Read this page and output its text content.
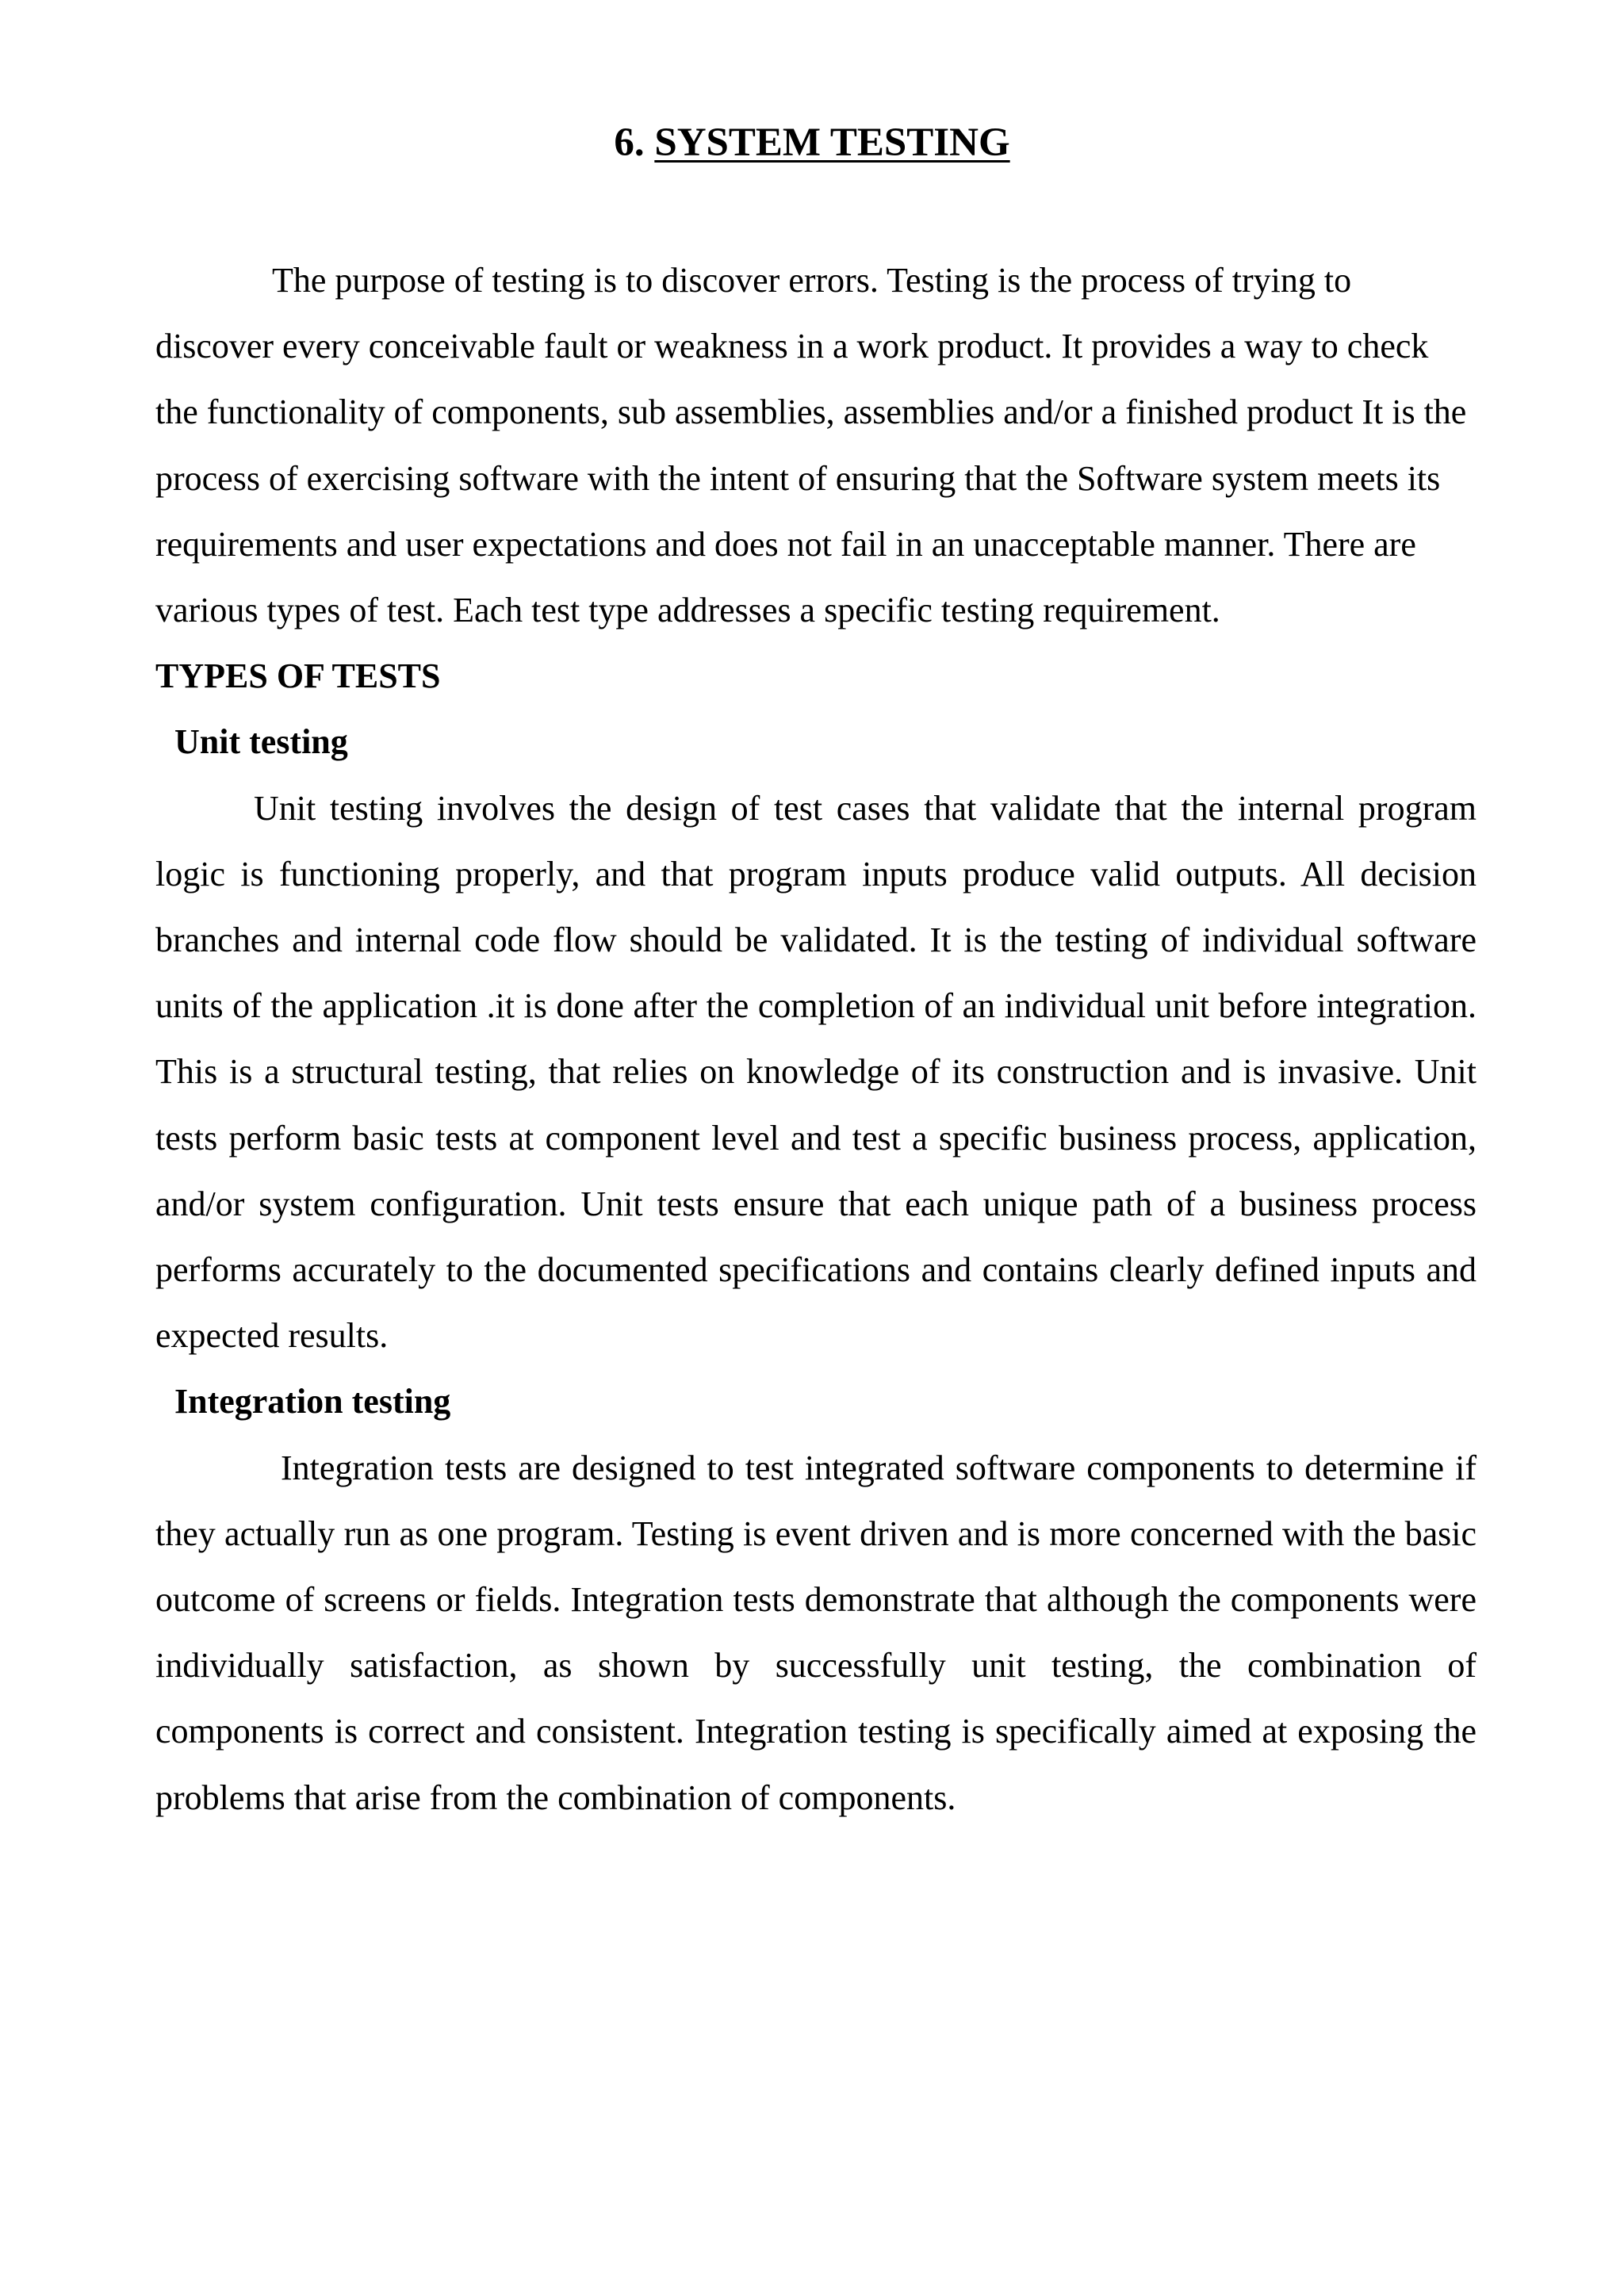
6. SYSTEM TESTING

The purpose of testing is to discover errors. Testing is the process of trying to discover every conceivable fault or weakness in a work product. It provides a way to check the functionality of components, sub assemblies, assemblies and/or a finished product It is the process of exercising software with the intent of ensuring that the Software system meets its requirements and user expectations and does not fail in an unacceptable manner. There are various types of test. Each test type addresses a specific testing requirement.

TYPES OF TESTS

Unit testing

Unit testing involves the design of test cases that validate that the internal program logic is functioning properly, and that program inputs produce valid outputs. All decision branches and internal code flow should be validated. It is the testing of individual software units of the application .it is done after the completion of an individual unit before integration. This is a structural testing, that relies on knowledge of its construction and is invasive. Unit tests perform basic tests at component level and test a specific business process, application, and/or system configuration. Unit tests ensure that each unique path of a business process performs accurately to the documented specifications and contains clearly defined inputs and expected results.

Integration testing

Integration tests are designed to test integrated software components to determine if they actually run as one program. Testing is event driven and is more concerned with the basic outcome of screens or fields. Integration tests demonstrate that although the components were individually satisfaction, as shown by successfully unit testing, the combination of components is correct and consistent. Integration testing is specifically aimed at exposing the problems that arise from the combination of components.
